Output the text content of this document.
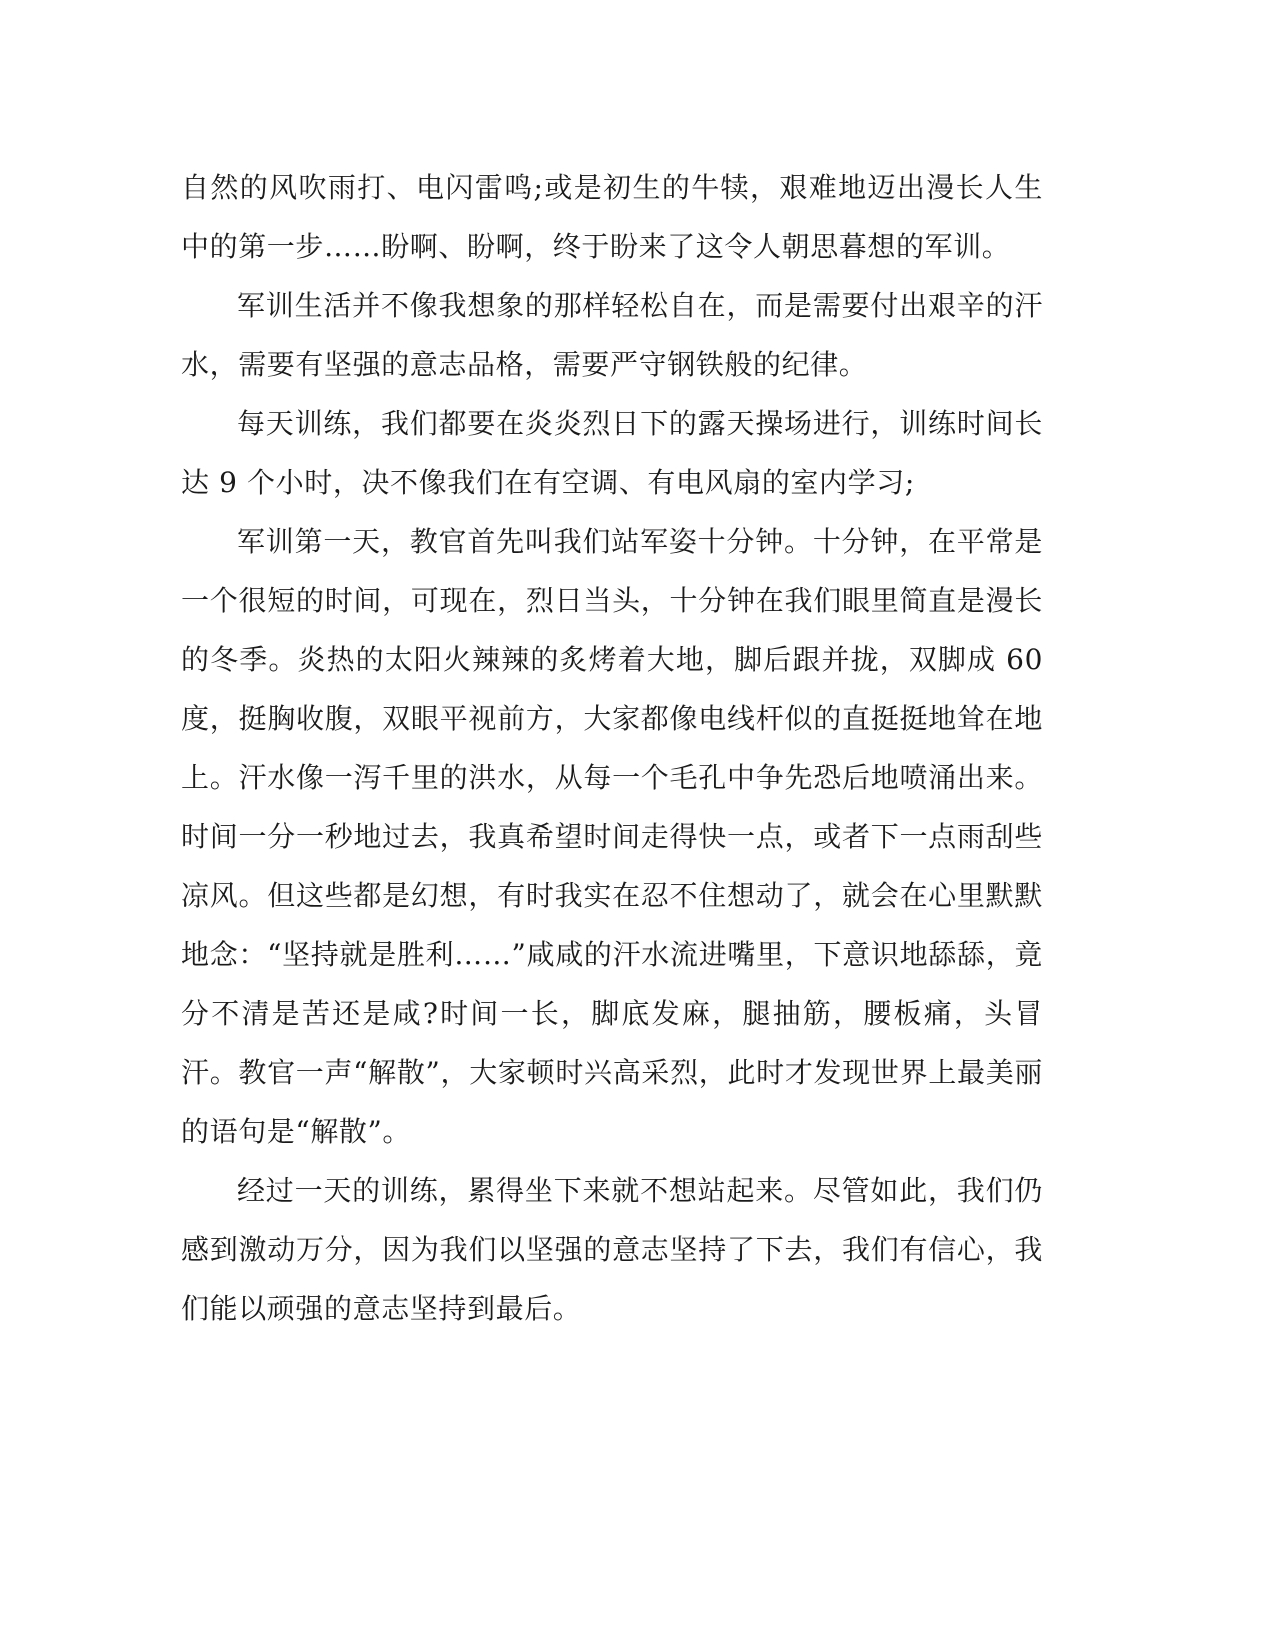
自然的风吹雨打、电闪雷鸣;或是初生的牛犊，艰难地迈出漫长人生中的第一步……盼啊、盼啊，终于盼来了这令人朝思暮想的军训。

军训生活并不像我想象的那样轻松自在，而是需要付出艰辛的汗水，需要有坚强的意志品格，需要严守钢铁般的纪律。

每天训练，我们都要在炎炎烈日下的露天操场进行，训练时间长达 9 个小时，决不像我们在有空调、有电风扇的室内学习;

军训第一天，教官首先叫我们站军姿十分钟。十分钟，在平常是一个很短的时间，可现在，烈日当头，十分钟在我们眼里简直是漫长的冬季。炎热的太阳火辣辣的炙烤着大地，脚后跟并拢，双脚成 60 度，挺胸收腹，双眼平视前方，大家都像电线杆似的直挺挺地耸在地上。汗水像一泻千里的洪水，从每一个毛孔中争先恐后地喷涌出来。时间一分一秒地过去，我真希望时间走得快一点，或者下一点雨刮些凉风。但这些都是幻想，有时我实在忍不住想动了，就会在心里默默地念：“坚持就是胜利……”咸咸的汗水流进嘴里，下意识地舔舔，竟分不清是苦还是咸?时间一长，脚底发麻，腿抽筋，腰板痛，头冒汗。教官一声“解散”，大家顿时兴高采烈，此时才发现世界上最美丽的语句是“解散”。

经过一天的训练，累得坐下来就不想站起来。尽管如此，我们仍感到激动万分，因为我们以坚强的意志坚持了下去，我们有信心，我们能以顽强的意志坚持到最后。
